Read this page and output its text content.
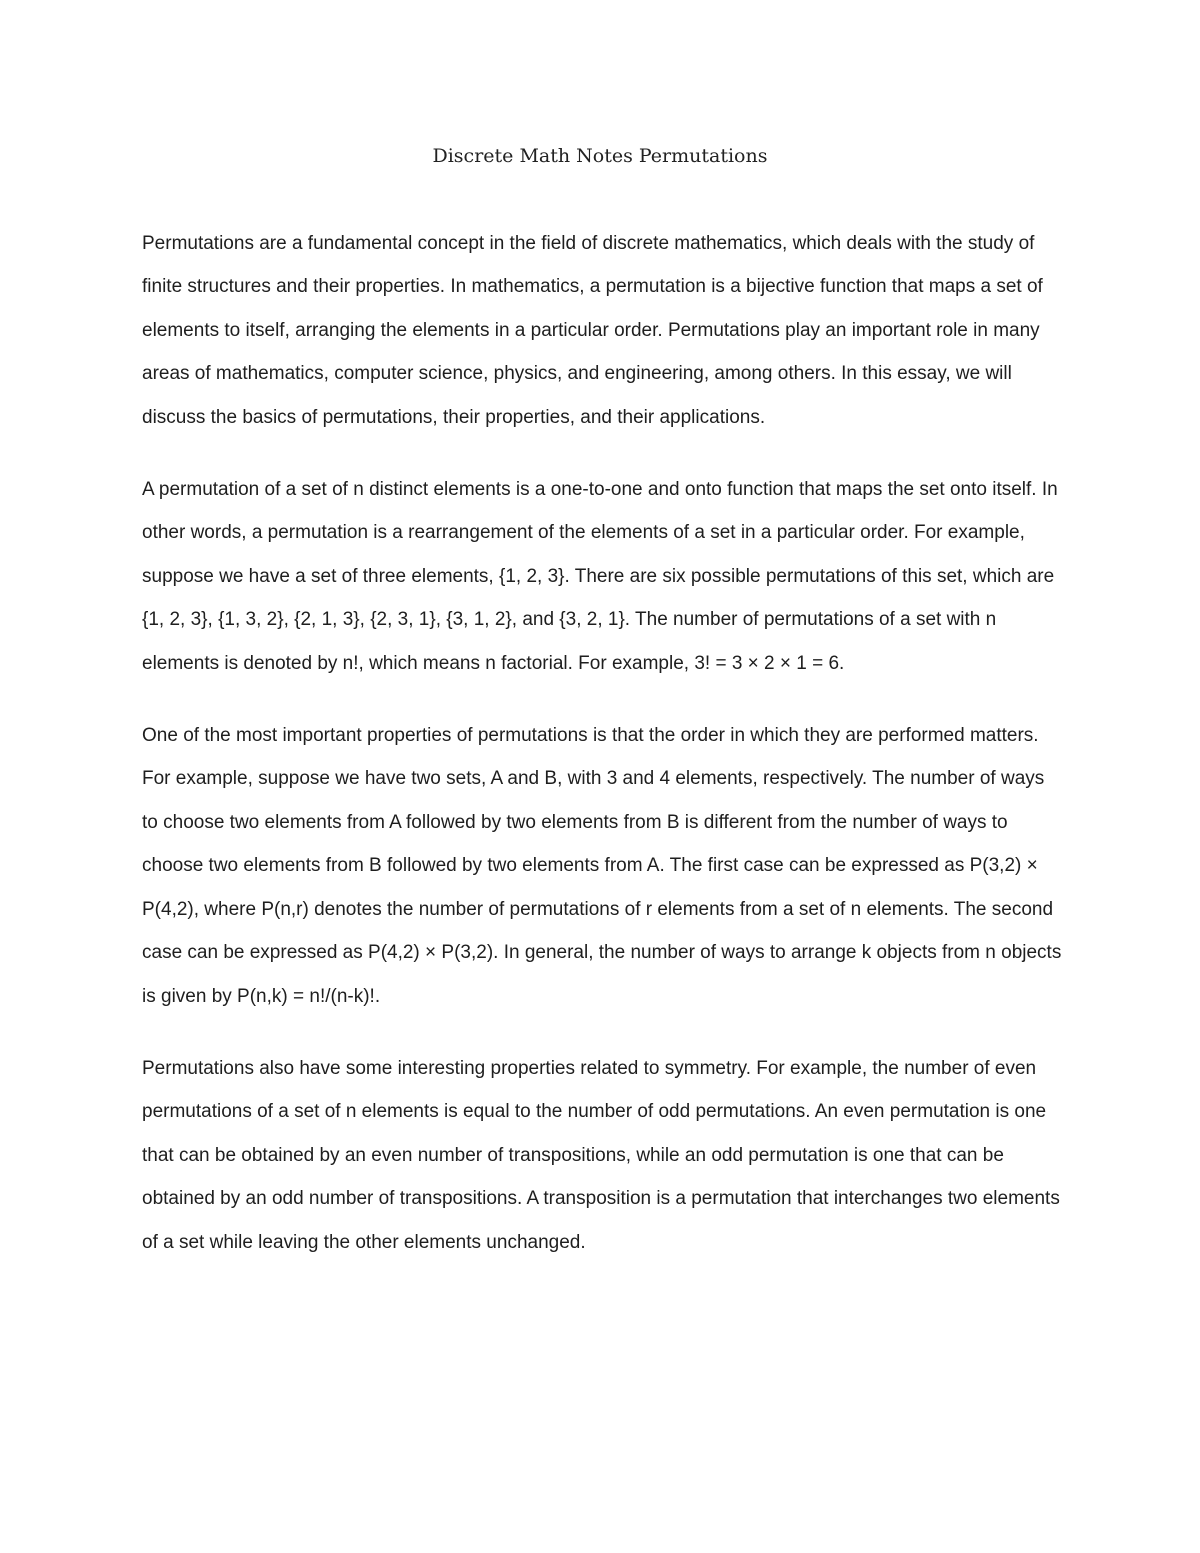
Discrete Math Notes Permutations

Permutations are a fundamental concept in the field of discrete mathematics, which deals with the study of finite structures and their properties. In mathematics, a permutation is a bijective function that maps a set of elements to itself, arranging the elements in a particular order. Permutations play an important role in many areas of mathematics, computer science, physics, and engineering, among others. In this essay, we will discuss the basics of permutations, their properties, and their applications.

A permutation of a set of n distinct elements is a one-to-one and onto function that maps the set onto itself. In other words, a permutation is a rearrangement of the elements of a set in a particular order. For example, suppose we have a set of three elements, {1, 2, 3}. There are six possible permutations of this set, which are {1, 2, 3}, {1, 3, 2}, {2, 1, 3}, {2, 3, 1}, {3, 1, 2}, and {3, 2, 1}. The number of permutations of a set with n elements is denoted by n!, which means n factorial. For example, 3! = 3 × 2 × 1 = 6.

One of the most important properties of permutations is that the order in which they are performed matters. For example, suppose we have two sets, A and B, with 3 and 4 elements, respectively. The number of ways to choose two elements from A followed by two elements from B is different from the number of ways to choose two elements from B followed by two elements from A. The first case can be expressed as P(3,2) × P(4,2), where P(n,r) denotes the number of permutations of r elements from a set of n elements. The second case can be expressed as P(4,2) × P(3,2). In general, the number of ways to arrange k objects from n objects is given by P(n,k) = n!/(n-k)!.

Permutations also have some interesting properties related to symmetry. For example, the number of even permutations of a set of n elements is equal to the number of odd permutations. An even permutation is one that can be obtained by an even number of transpositions, while an odd permutation is one that can be obtained by an odd number of transpositions. A transposition is a permutation that interchanges two elements of a set while leaving the other elements unchanged.
